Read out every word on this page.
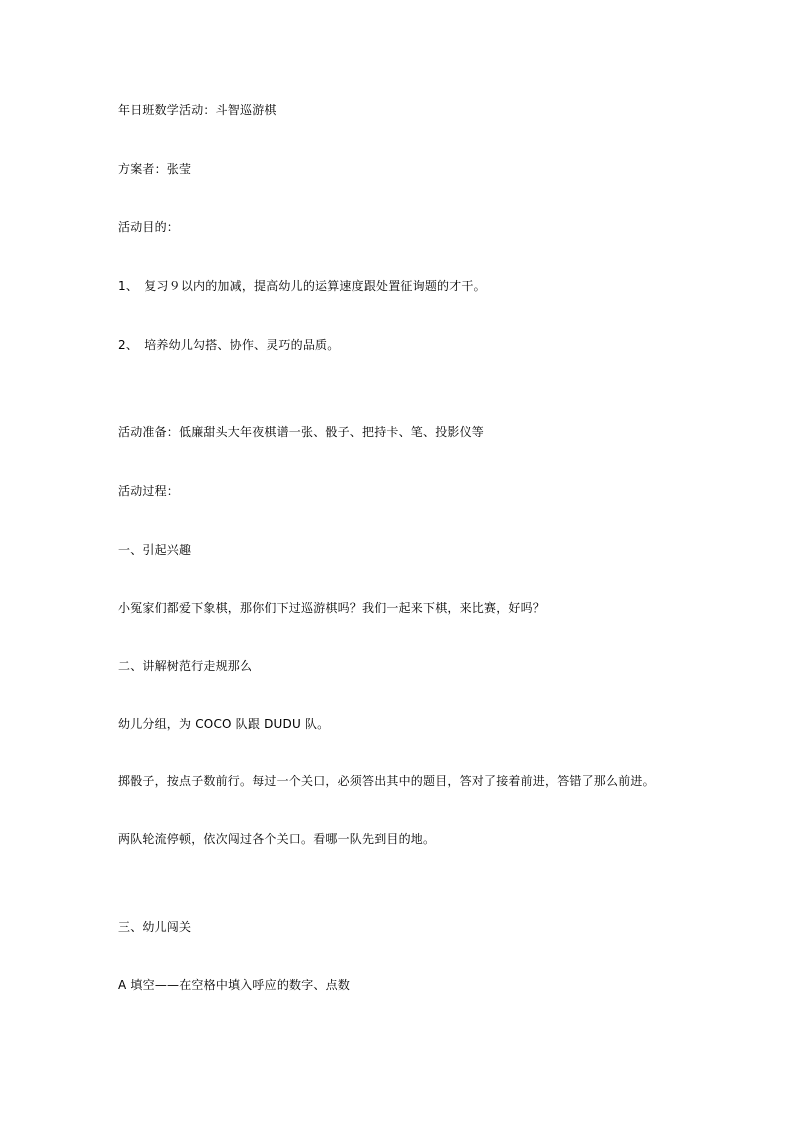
年日班数学活动：斗智巡游棋
方案者：张莹
活动目的：
1、　复习９以内的加减，提高幼儿的运算速度跟处置征询题的才干。
2、　培养幼儿勾搭、协作、灵巧的品质。
活动准备：低廉甜头大年夜棋谱一张、骰子、把持卡、笔、投影仪等
活动过程：
一、引起兴趣
小冤家们都爱下象棋，那你们下过巡游棋吗？我们一起来下棋，来比赛，好吗？
二、讲解树范行走规那么
幼儿分组，为 COCO 队跟 DUDU 队。
掷骰子，按点子数前行。每过一个关口，必须答出其中的题目，答对了接着前进，答错了那么前进。
两队轮流停顿，依次闯过各个关口。看哪一队先到目的地。
三、幼儿闯关
A 填空——在空格中填入呼应的数字、点数
